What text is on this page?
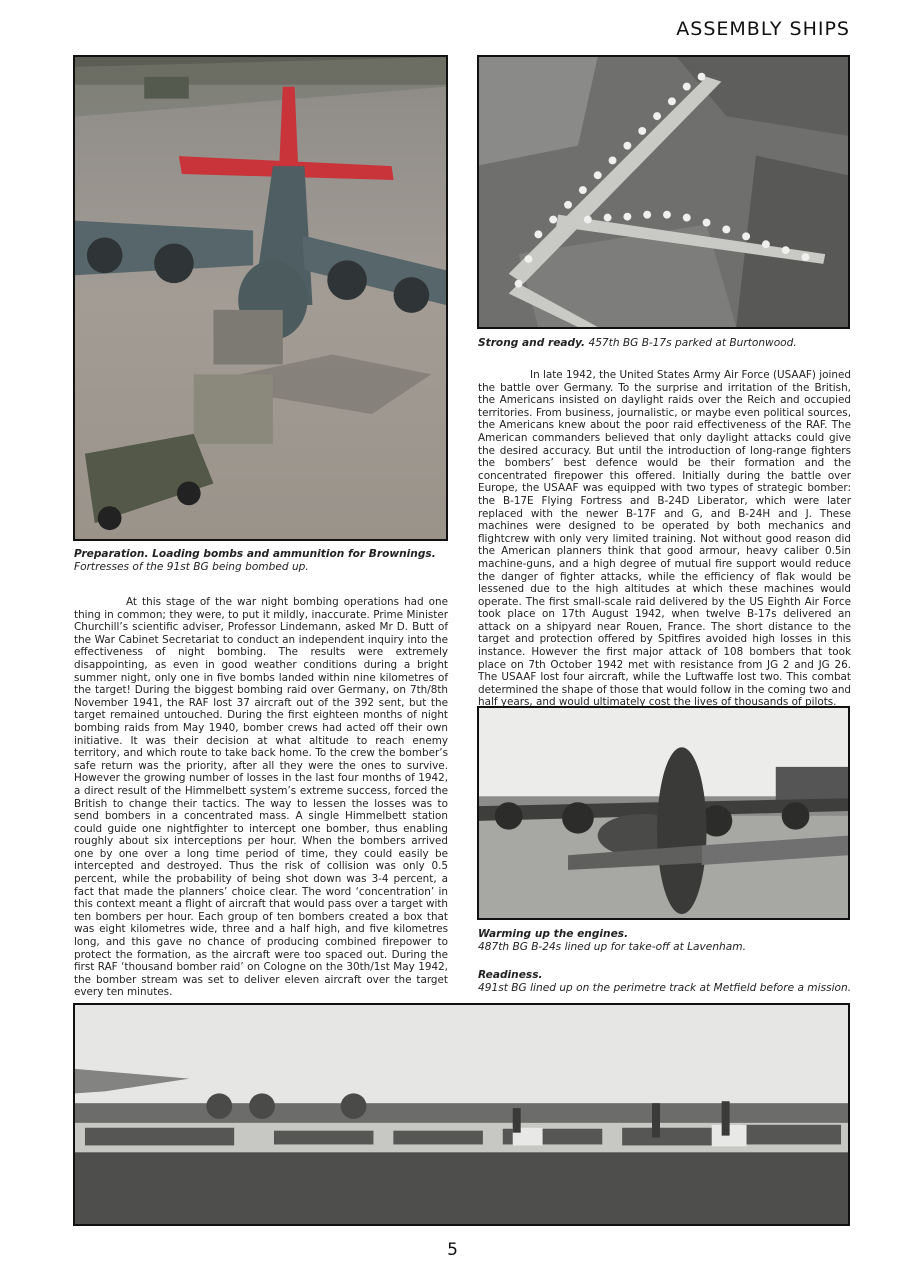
ASSEMBLY SHIPS
Preparation. Loading bombs and ammunition for Brownings.
Fortresses of the 91st BG being bombed up.
Strong and ready. 457th BG B-17s parked at Burtonwood.
Warming up the engines.
487th BG B-24s lined up for take-off at Lavenham.
Readiness.
491st BG lined up on the perimetre track at Metfield before a mission.
At this stage of the war night bombing operations had one thing in common; they were, to put it mildly, inaccurate. Prime Minister Churchill’s scientific adviser, Professor Lindemann, asked Mr D. Butt of the War Cabinet Secretariat to conduct an independent inquiry into the effectiveness of night bombing. The results were extremely disappointing, as even in good weather conditions during a bright summer night, only one in five bombs landed within nine kilometres of the target! During the biggest bombing raid over Germany, on 7th/8th November 1941, the RAF lost 37 aircraft out of the 392 sent, but the target remained untouched. During the first eighteen months of night bombing raids from May 1940, bomber crews had acted off their own initiative. It was their decision at what altitude to reach enemy territory, and which route to take back home. To the crew the bomber’s safe return was the priority, after all they were the ones to survive. However the growing number of losses in the last four months of 1942, a direct result of the Himmelbett system’s extreme success, forced the British to change their tactics. The way to lessen the losses was to send bombers in a concentrated mass. A single Himmelbett station could guide one nightfighter to intercept one bomber, thus enabling roughly about six interceptions per hour. When the bombers arrived one by one over a long time period of time, they could easily be intercepted and destroyed. Thus the risk of collision was only 0.5 percent, while the probability of being shot down was 3-4 percent, a fact that made the planners’ choice clear. The word ‘concentration’ in this context meant a flight of aircraft that would pass over a target with ten bombers per hour. Each group of ten bombers created a box that was eight kilometres wide, three and a half high, and five kilometres long, and this gave no chance of producing combined firepower to protect the formation, as the aircraft were too spaced out. During the first RAF ‘thousand bomber raid’ on Cologne on the 30th/1st May 1942, the bomber stream was set to deliver eleven aircraft over the target every ten minutes.
In late 1942, the United States Army Air Force (USAAF) joined the battle over Germany. To the surprise and irritation of the British, the Americans insisted on daylight raids over the Reich and occupied territories. From business, journalistic, or maybe even political sources, the Americans knew about the poor raid effectiveness of the RAF. The American commanders believed that only daylight attacks could give the desired accuracy. But until the introduction of long-range fighters the bombers’ best defence would be their formation and the concentrated firepower this offered. Initially during the battle over Europe, the USAAF was equipped with two types of strategic bomber: the B-17E Flying Fortress and B-24D Liberator, which were later replaced with the newer B-17F and G, and B-24H and J. These machines were designed to be operated by both mechanics and flightcrew with only very limited training. Not without good reason did the American planners think that good armour, heavy caliber 0.5in machine-guns, and a high degree of mutual fire support would reduce the danger of fighter attacks, while the efficiency of flak would be lessened due to the high altitudes at which these machines would operate. The first small-scale raid delivered by the US Eighth Air Force took place on 17th August 1942, when twelve B-17s delivered an attack on a shipyard near Rouen, France. The short distance to the target and protection offered by Spitfires avoided high losses in this instance. However the first major attack of 108 bombers that took place on 7th October 1942 met with resistance from JG 2 and JG 26. The USAAF lost four aircraft, while the Luftwaffe lost two. This combat determined the shape of those that would follow in the coming two and half years, and would ultimately cost the lives of thousands of pilots.
5
